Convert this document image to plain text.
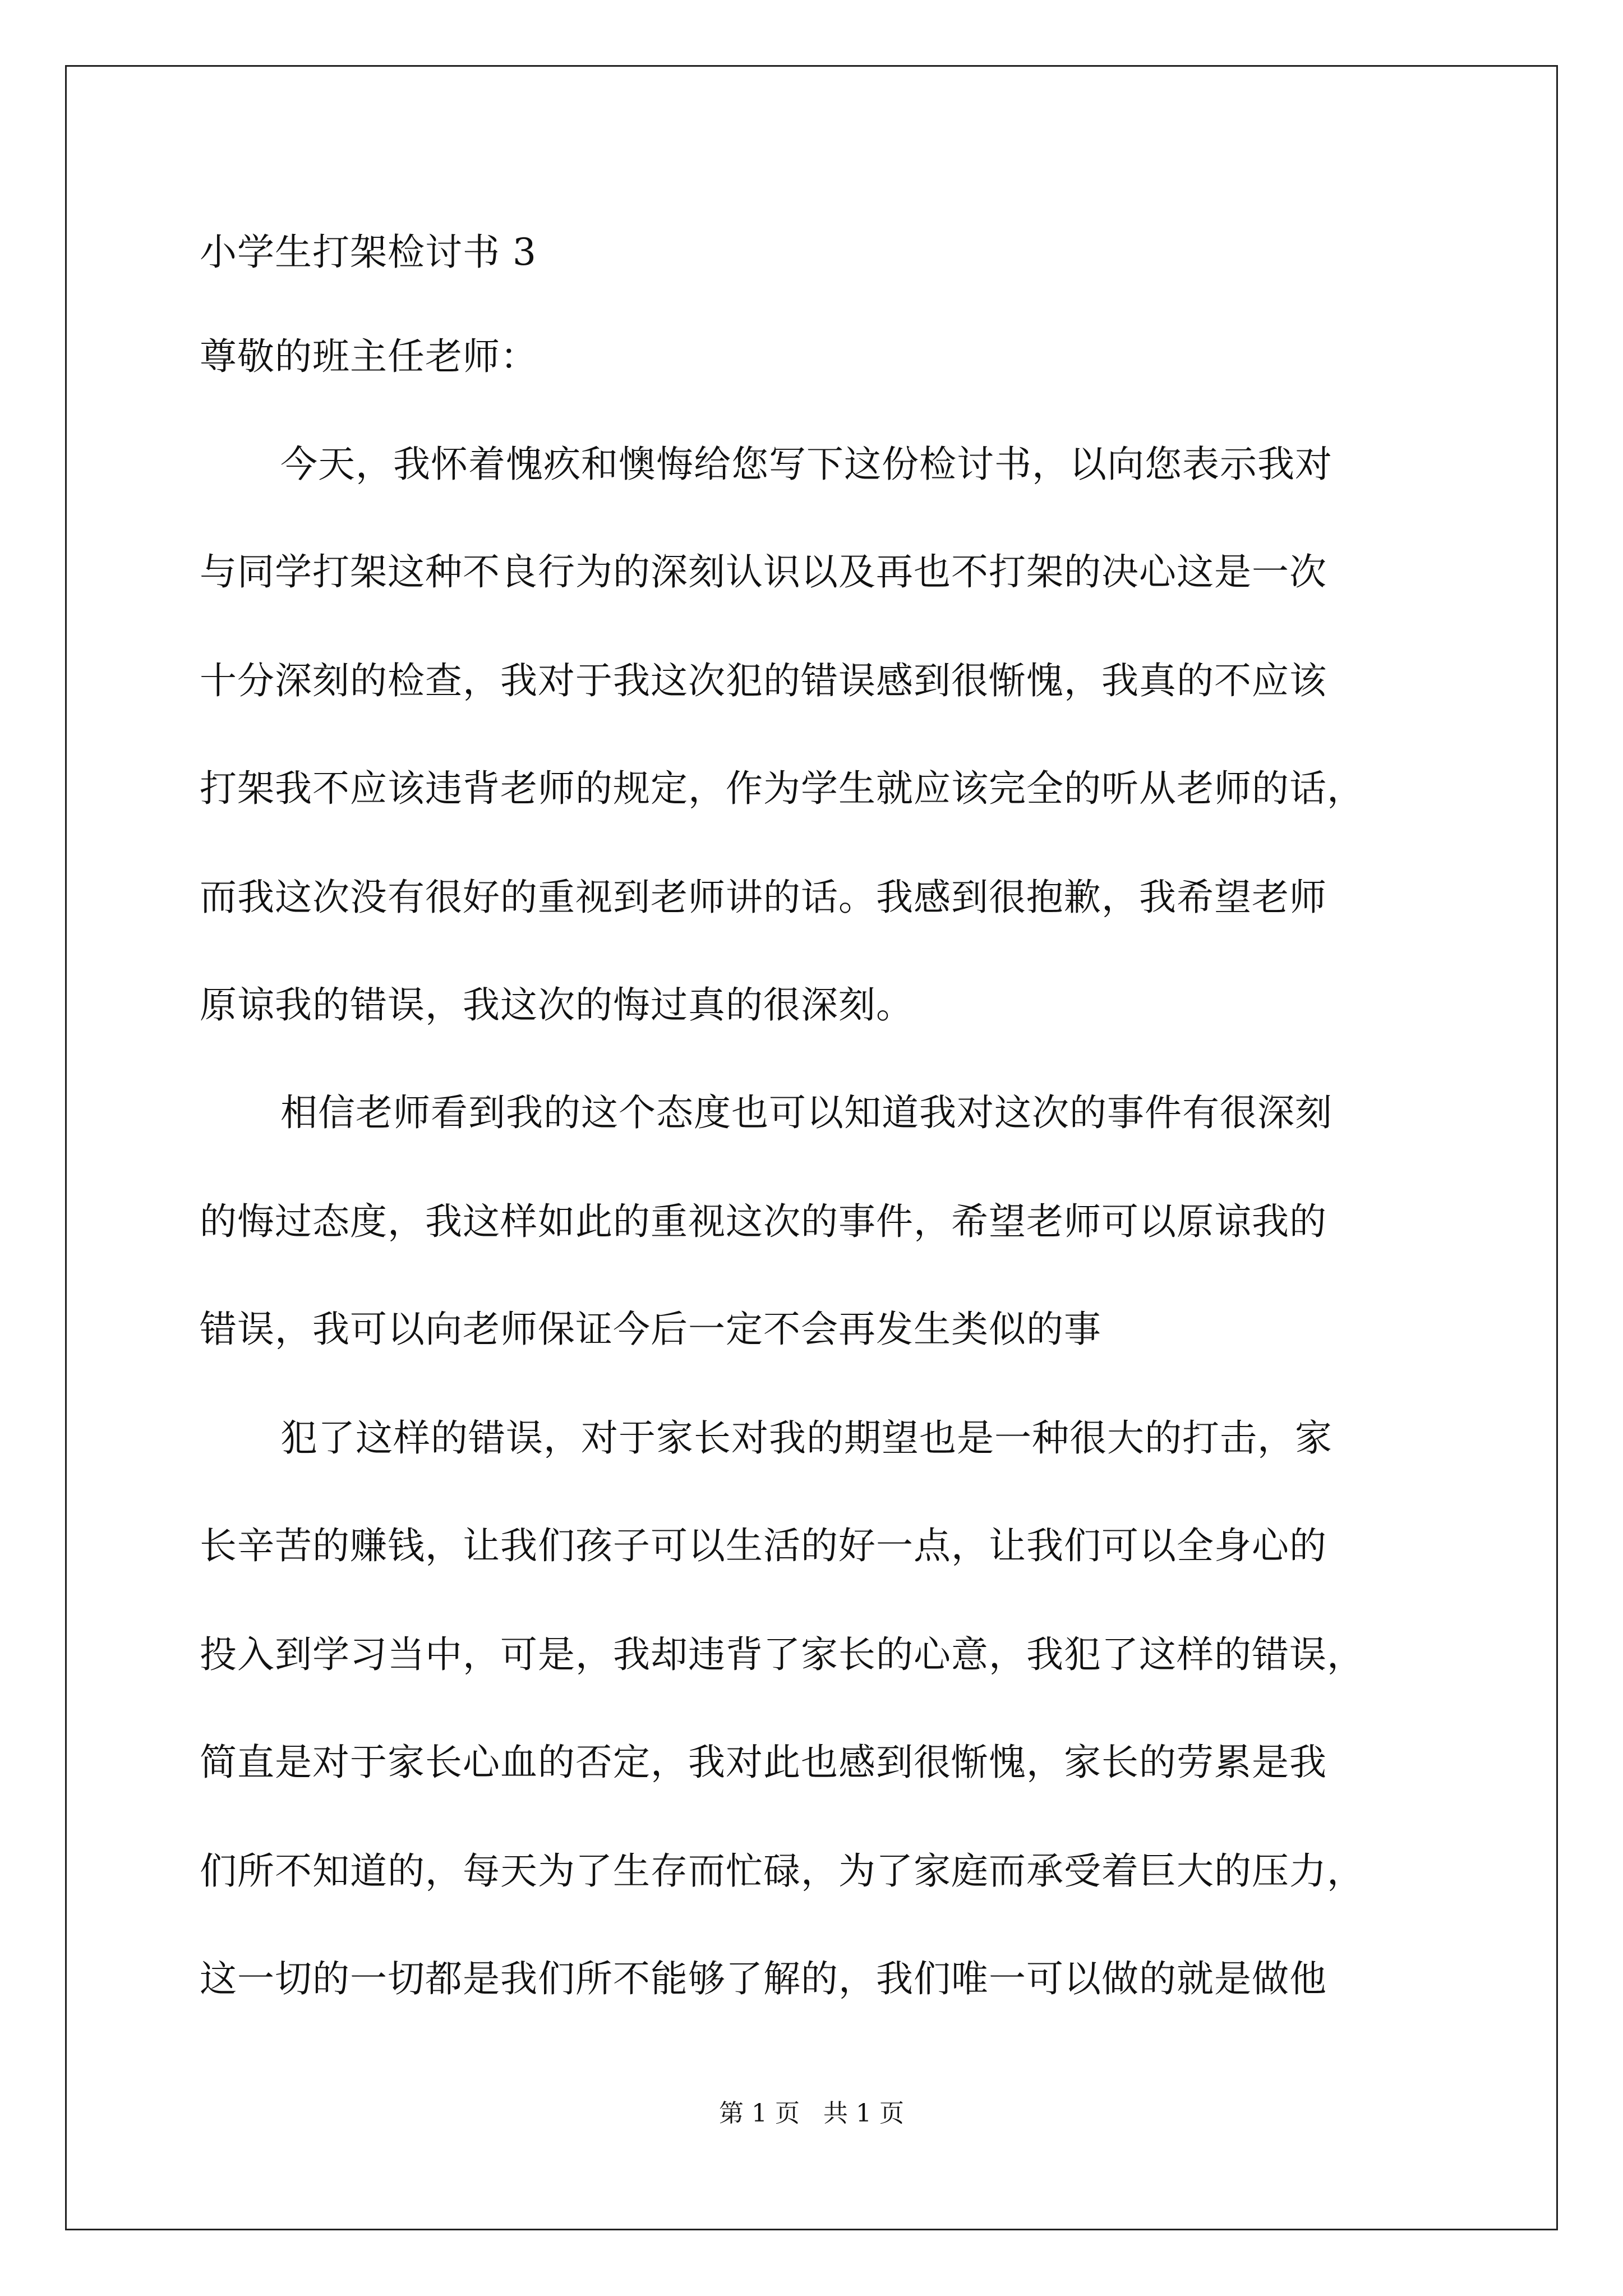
小学生打架检讨书 3
尊敬的班主任老师：
今天，我怀着愧疚和懊悔给您写下这份检讨书，以向您表示我对
与同学打架这种不良行为的深刻认识以及再也不打架的决心这是一次
十分深刻的检查，我对于我这次犯的错误感到很惭愧，我真的不应该
打架我不应该违背老师的规定，作为学生就应该完全的听从老师的话，
而我这次没有很好的重视到老师讲的话。我感到很抱歉，我希望老师
原谅我的错误，我这次的悔过真的很深刻。
相信老师看到我的这个态度也可以知道我对这次的事件有很深刻
的悔过态度，我这样如此的重视这次的事件，希望老师可以原谅我的
错误，我可以向老师保证今后一定不会再发生类似的事
犯了这样的错误，对于家长对我的期望也是一种很大的打击，家
长辛苦的赚钱，让我们孩子可以生活的好一点，让我们可以全身心的
投入到学习当中，可是，我却违背了家长的心意，我犯了这样的错误，
简直是对于家长心血的否定，我对此也感到很惭愧，家长的劳累是我
们所不知道的，每天为了生存而忙碌，为了家庭而承受着巨大的压力，
这一切的一切都是我们所不能够了解的，我们唯一可以做的就是做他
第 1 页   共 1 页
